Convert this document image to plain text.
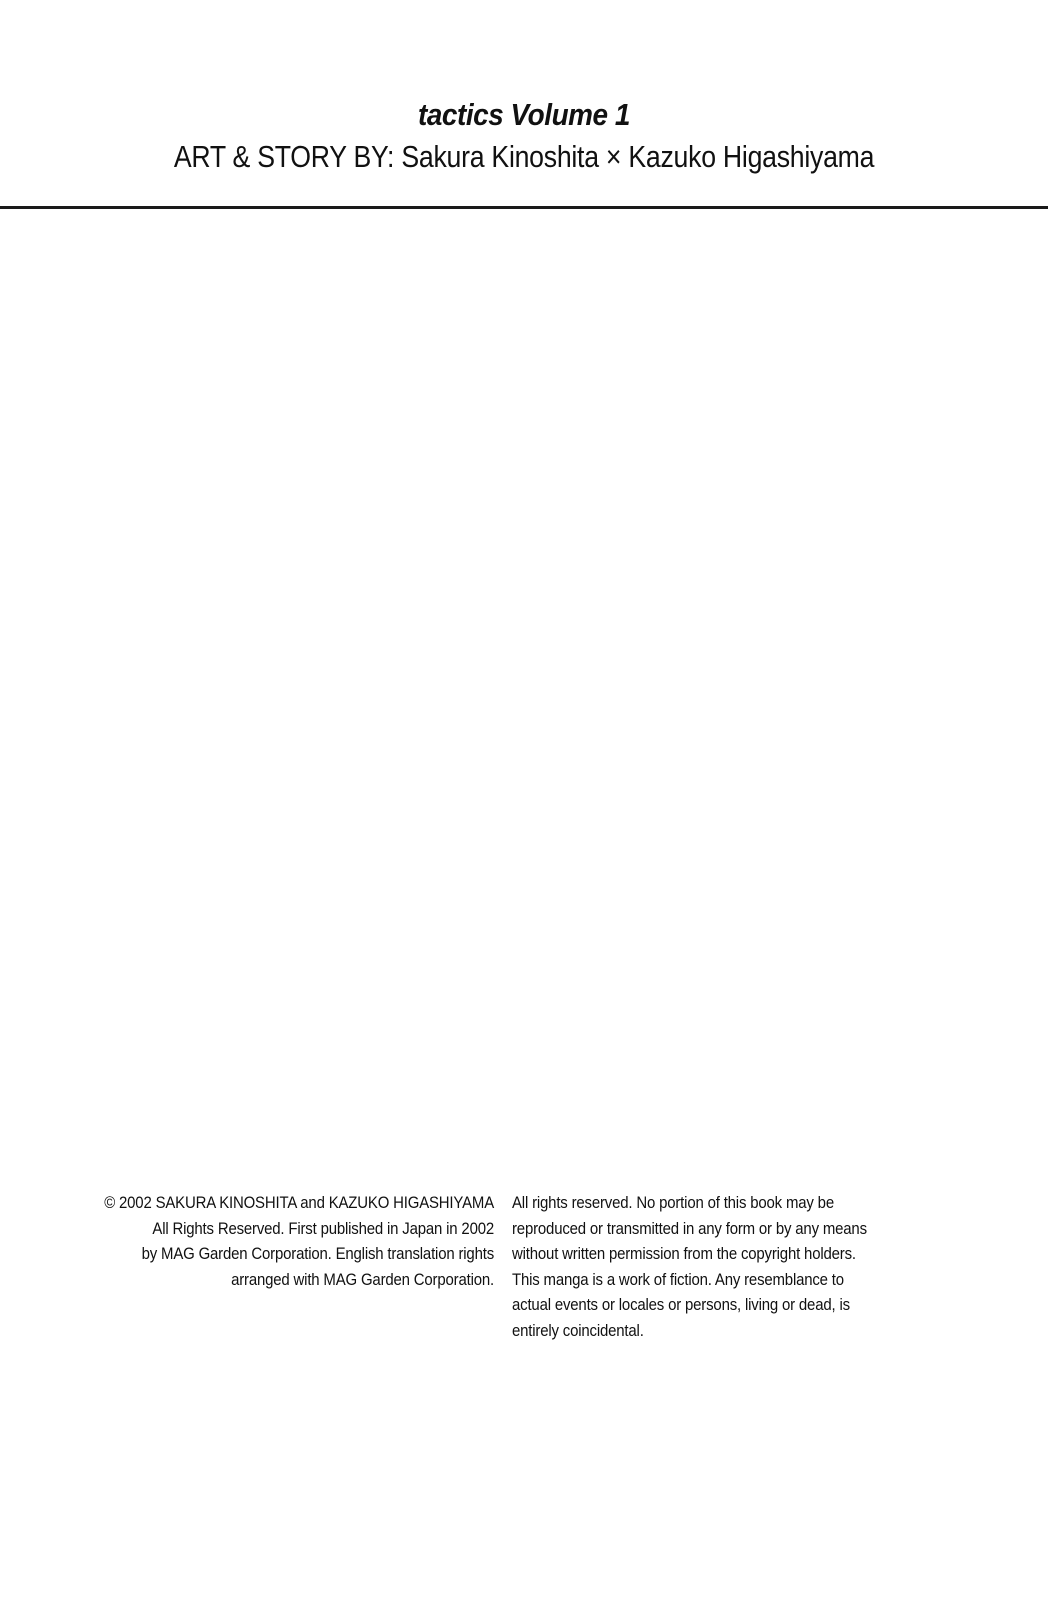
tactics Volume 1
ART & STORY BY: Sakura Kinoshita × Kazuko Higashiyama
© 2002 SAKURA KINOSHITA and KAZUKO HIGASHIYAMA
All Rights Reserved. First published in Japan in 2002
by MAG Garden Corporation. English translation rights
arranged with MAG Garden Corporation.
All rights reserved. No portion of this book may be
reproduced or transmitted in any form or by any means
without written permission from the copyright holders.
This manga is a work of fiction. Any resemblance to
actual events or locales or persons, living or dead, is
entirely coincidental.
